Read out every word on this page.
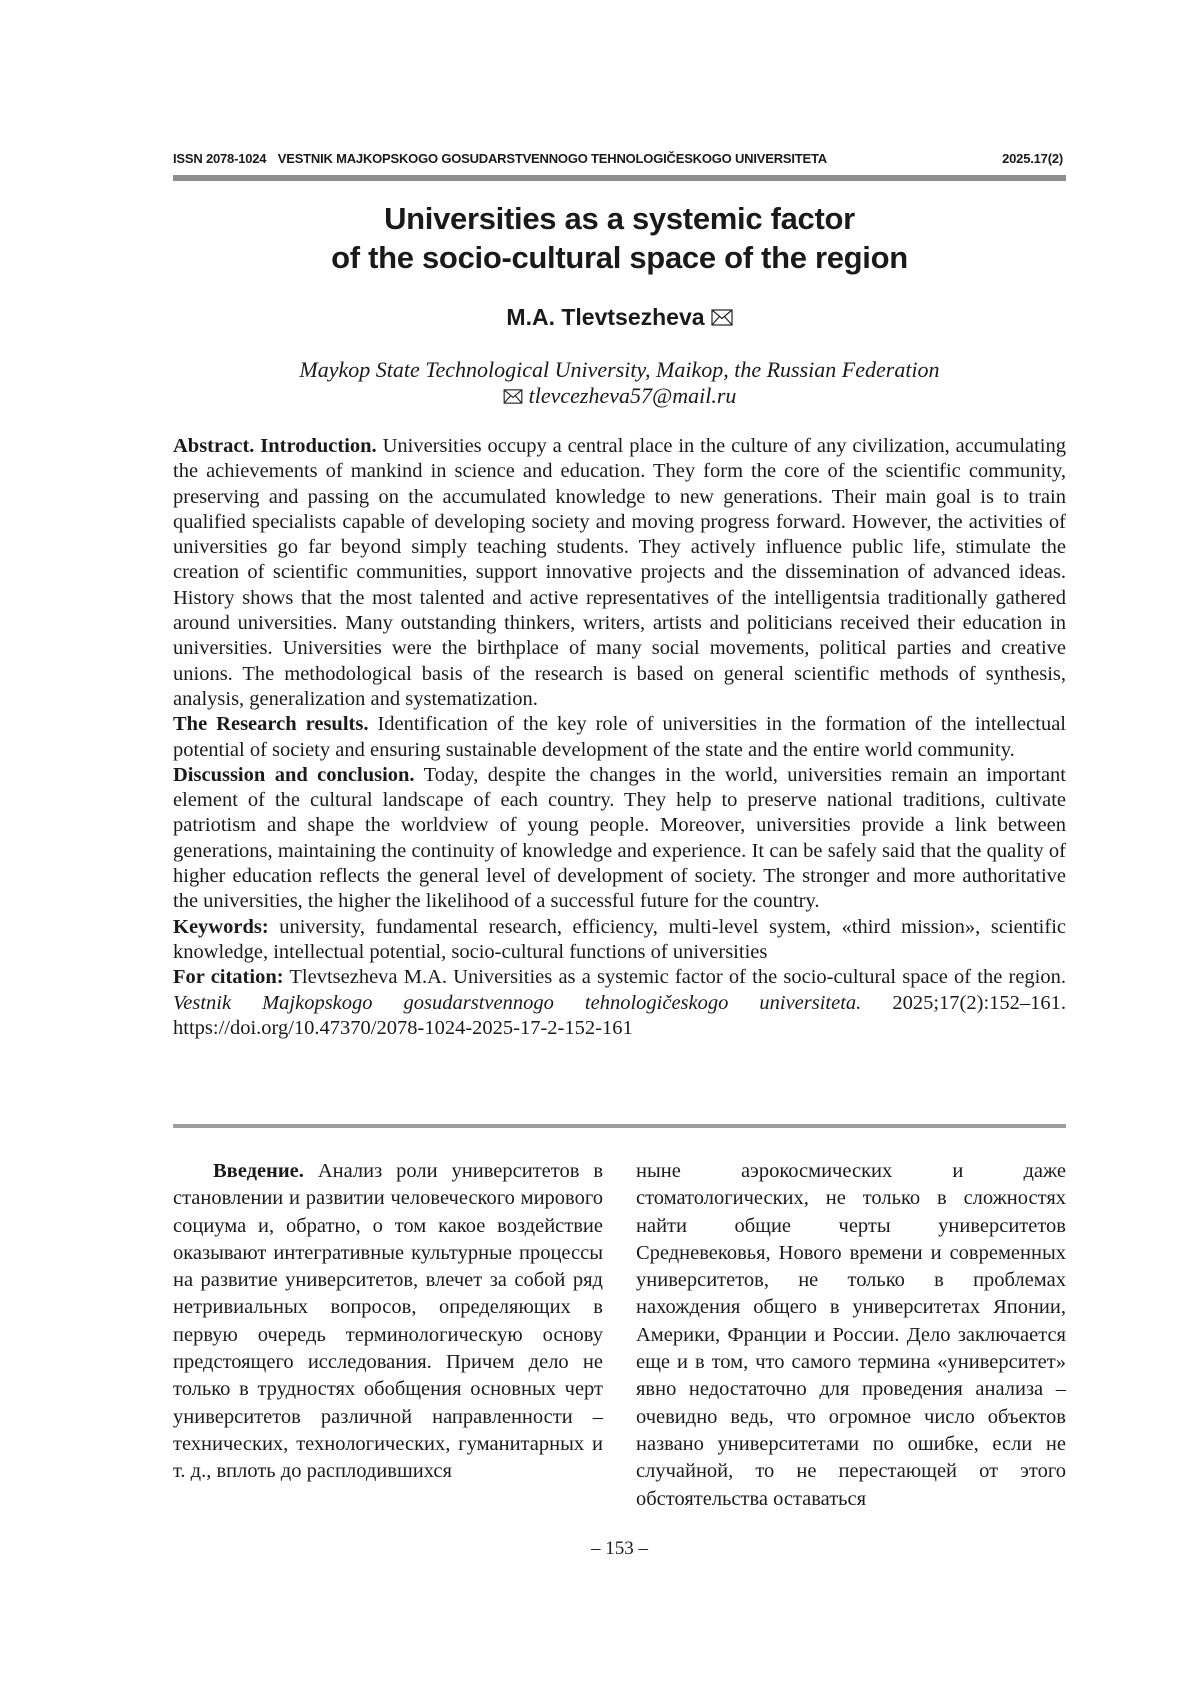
ISSN 2078-1024 VESTNIK MAJKOPSKOGO GOSUDARSTVENNOGO TEHNOLOGIČESKOGO UNIVERSITETA	2025.17(2)
Universities as a systemic factor
of the socio-cultural space of the region
M.A. Tlevtsezheva
Maykop State Technological University, Maikop, the Russian Federation
tlevcezheva57@mail.ru

Abstract. Introduction. Universities occupy a central place in the culture of any civilization, accumulating the achievements of mankind in science and education. They form the core of the scientific community, preserving and passing on the accumulated knowledge to new generations. Their main goal is to train qualified specialists capable of developing society and moving progress forward. However, the activities of universities go far beyond simply teaching students. They actively influence public life, stimulate the creation of scientific communities, support innovative projects and the dissemination of advanced ideas. History shows that the most talented and active representatives of the intelligentsia traditionally gathered around universities. Many outstanding thinkers, writers, artists and politicians received their education in universities. Universities were the birthplace of many social movements, political parties and creative unions. The methodological basis of the research is based on general scientific methods of synthesis, analysis, generalization and systematization.

The Research results. Identification of the key role of universities in the formation of the intellectual potential of society and ensuring sustainable development of the state and the entire world community.

Discussion and conclusion. Today, despite the changes in the world, universities remain an important element of the cultural landscape of each country. They help to preserve national traditions, cultivate patriotism and shape the worldview of young people. Moreover, universities provide a link between generations, maintaining the continuity of knowledge and experience. It can be safely said that the quality of higher education reflects the general level of development of society. The stronger and more authoritative the universities, the higher the likelihood of a successful future for the country.

Keywords: university, fundamental research, efficiency, multi-level system, «third mission», scientific knowledge, intellectual potential, socio-cultural functions of universities

For citation: Tlevtsezheva M.A. Universities as a systemic factor of the socio-cultural space of the region. Vestnik Majkopskogo gosudarstvennogo tehnologičeskogo universiteta. 2025;17(2):152–161. https://doi.org/10.47370/2078-1024-2025-17-2-152-161

Введение. Анализ роли университетов в становлении и развитии человеческого мирового социума и, обратно, о том какое воздействие оказывают интегративные культурные процессы на развитие университетов, влечет за собой ряд нетривиальных вопросов, определяющих в первую очередь терминологическую основу предстоящего исследования. Причем дело не только в трудностях обобщения основных черт университетов различной направленности – технических, технологических, гуманитарных и т. д., вплоть до расплодившихся

ныне аэрокосмических и даже стоматологических, не только в сложностях найти общие черты университетов Средневековья, Нового времени и современных университетов, не только в проблемах нахождения общего в университетах Японии, Америки, Франции и России. Дело заключается еще и в том, что самого термина «университет» явно недостаточно для проведения анализа – очевидно ведь, что огромное число объектов названо университетами по ошибке, если не случайной, то не перестающей от этого обстоятельства оставаться

– 153 –
